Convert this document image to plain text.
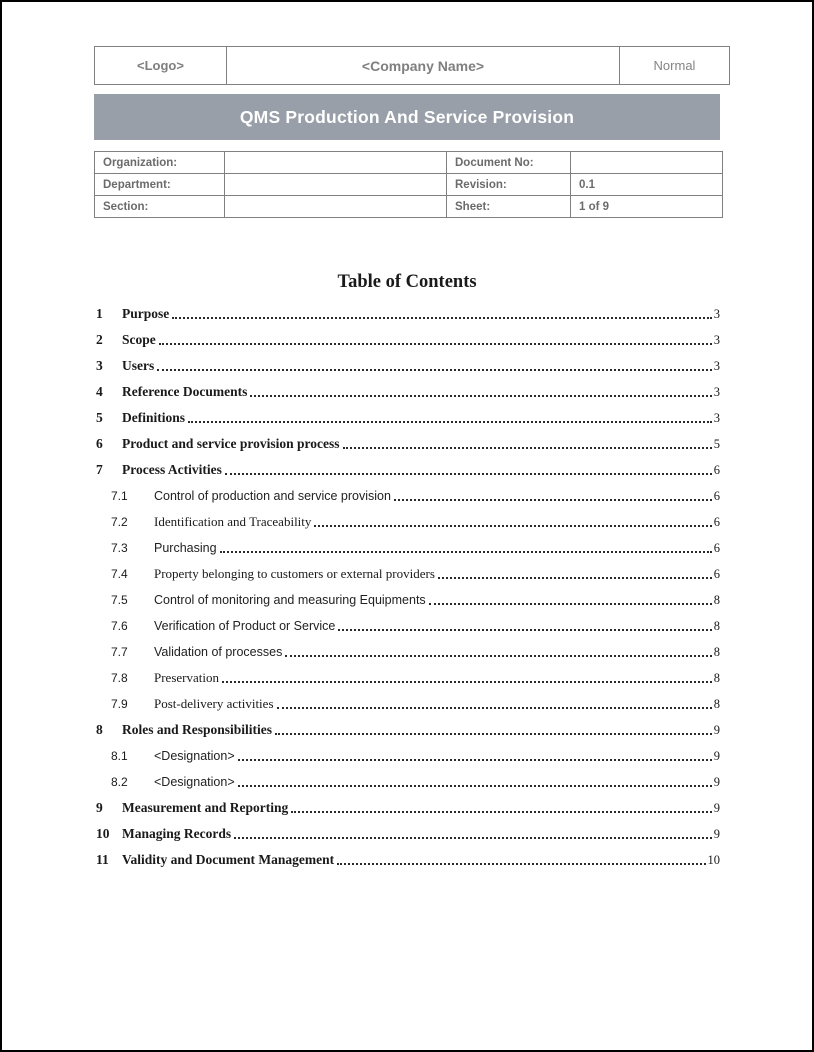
<Logo>	<Company Name>	Normal
QMS Production And Service Provision
Organization:		Document No:	
Department:		Revision:	0.1
Section:		Sheet:	1 of 9
Table of Contents
1	Purpose	3
2	Scope	3
3	Users	3
4	Reference Documents	3
5	Definitions	3
6	Product and service provision process	5
7	Process Activities	6
7.1	Control of production and service provision	6
7.2	Identification and Traceability	6
7.3	Purchasing	6
7.4	Property belonging to customers or external providers	6
7.5	Control of monitoring and measuring Equipments	8
7.6	Verification of Product or Service	8
7.7	Validation of processes	8
7.8	Preservation	8
7.9	Post-delivery activities	8
8	Roles and Responsibilities	9
8.1	<Designation>	9
8.2	<Designation>	9
9	Measurement and Reporting	9
10 Managing Records	9
11 Validity and Document Management	10
